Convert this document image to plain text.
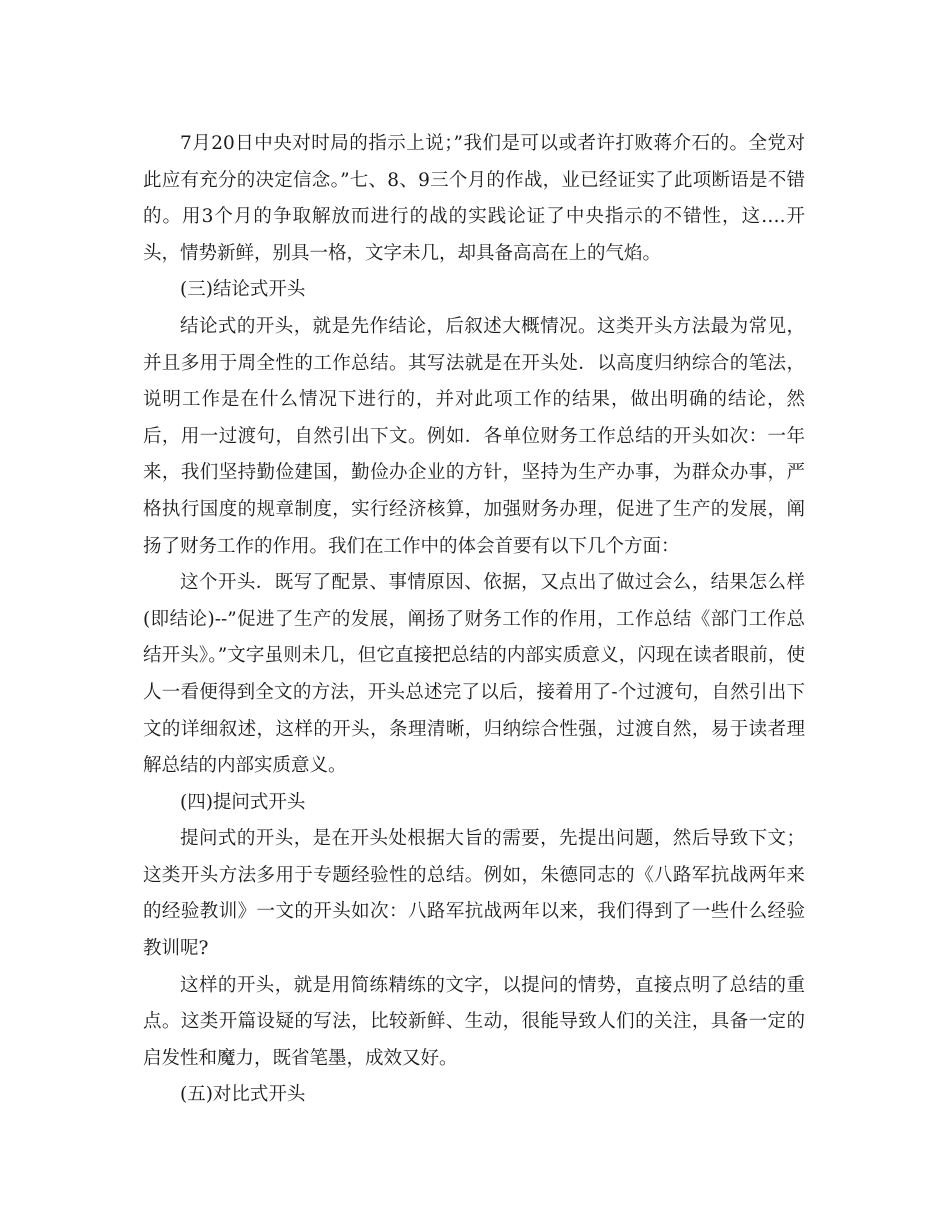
7月20日中央对时局的指示上说；”我们是可以或者许打败蒋介石的。全党对此应有充分的决定信念。”七、8、9三个月的作战，业已经证实了此项断语是不错的。用3个月的争取解放而进行的战的实践论证了中央指示的不错性，这….开头，情势新鲜，别具一格，文字未几，却具备高高在上的气焰。

(三)结论式开头

结论式的开头，就是先作结论，后叙述大概情况。这类开头方法最为常见，并且多用于周全性的工作总结。其写法就是在开头处．以高度归纳综合的笔法，说明工作是在什么情况下进行的，并对此项工作的结果，做出明确的结论，然后，用一过渡句，自然引出下文。例如．各单位财务工作总结的开头如次：一年来，我们坚持勤俭建国，勤俭办企业的方针，坚持为生产办事，为群众办事，严格执行国度的规章制度，实行经济核算，加强财务办理，促进了生产的发展，阐扬了财务工作的作用。我们在工作中的体会首要有以下几个方面：

这个开头．既写了配景、事情原因、依据，又点出了做过会么，结果怎么样(即结论)--”促进了生产的发展，阐扬了财务工作的作用，工作总结《部门工作总结开头》。”文字虽则未几，但它直接把总结的内部实质意义，闪现在读者眼前，使人一看便得到全文的方法，开头总述完了以后，接着用了-个过渡句，自然引出下文的详细叙述，这样的开头，条理清晰，归纳综合性强，过渡自然，易于读者理解总结的内部实质意义。

(四)提问式开头

提问式的开头，是在开头处根据大旨的需要，先提出问题，然后导致下文；这类开头方法多用于专题经验性的总结。例如，朱德同志的《八路军抗战两年来的经验教训》一文的开头如次：八路军抗战两年以来，我们得到了一些什么经验教训呢?

这样的开头，就是用简练精练的文字，以提问的情势，直接点明了总结的重点。这类开篇设疑的写法，比较新鲜、生动，很能导致人们的关注，具备一定的启发性和魔力，既省笔墨，成效又好。

(五)对比式开头
